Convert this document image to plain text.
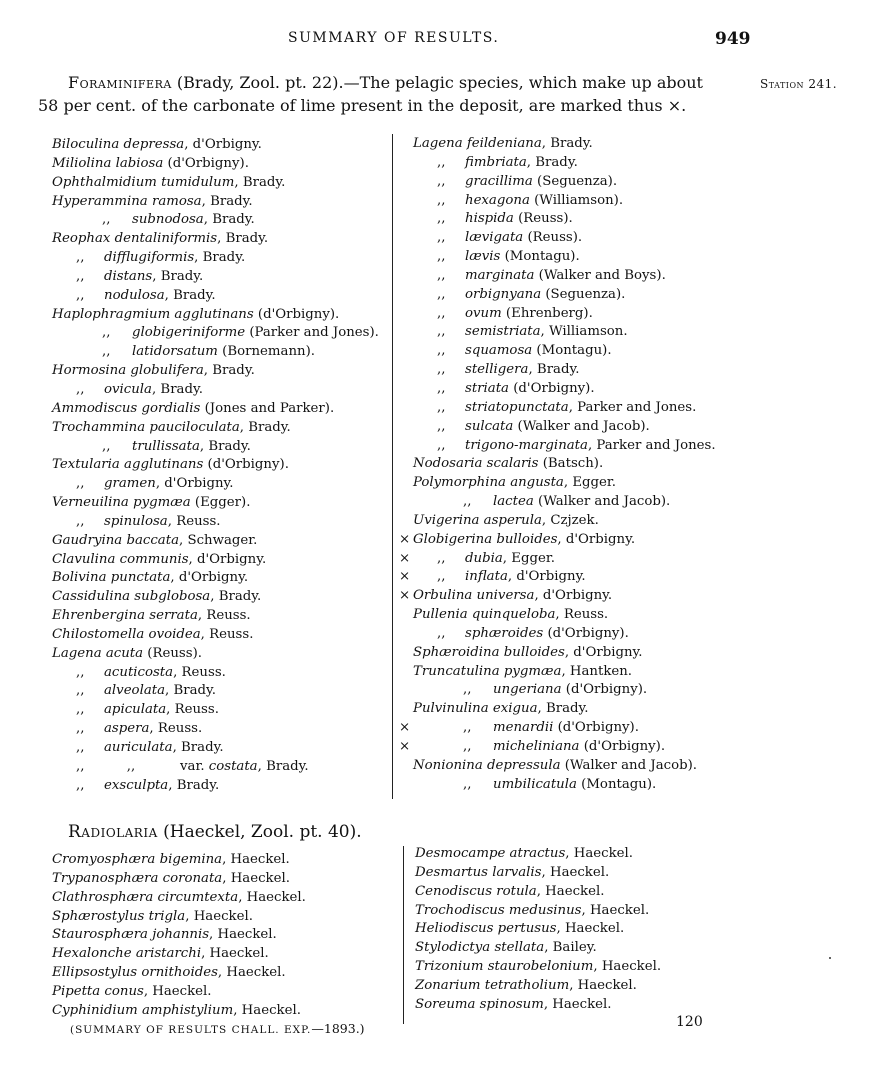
SUMMARY OF RESULTS.	949
Foraminifera (Brady, Zool. pt. 22).—The pelagic species, which make up about
58 per cent. of the carbonate of lime present in the deposit, are marked thus ×.
Station 241.
Biloculina depressa, d'Orbigny.
Miliolina labiosa (d'Orbigny).
Ophthalmidium tumidulum, Brady.
Hyperammina ramosa, Brady.
,, subnodosa, Brady.
Reophax dentaliniformis, Brady.
,, difflugiformis, Brady.
,, distans, Brady.
,, nodulosa, Brady.
Haplophragmium agglutinans (d'Orbigny).
,, globigeriniforme (Parker and Jones).
,, latidorsatum (Bornemann).
Hormosina globulifera, Brady.
,, ovicula, Brady.
Ammodiscus gordialis (Jones and Parker).
Trochammina pauciloculata, Brady.
,, trullissata, Brady.
Textularia agglutinans (d'Orbigny).
,, gramen, d'Orbigny.
Verneuilina pygmæa (Egger).
,, spinulosa, Reuss.
Gaudryina baccata, Schwager.
Clavulina communis, d'Orbigny.
Bolivina punctata, d'Orbigny.
Cassidulina subglobosa, Brady.
Ehrenbergina serrata, Reuss.
Chilostomella ovoidea, Reuss.
Lagena acuta (Reuss).
,, acuticosta, Reuss.
,, alveolata, Brady.
,, apiculata, Reuss.
,, aspera, Reuss.
,, auriculata, Brady.
,,          ,,	var. costata, Brady.
,, exsculpta, Brady.
Lagena feildeniana, Brady.
,, fimbriata, Brady.
,, gracillima (Seguenza).
,, hexagona (Williamson).
,, hispida (Reuss).
,, lævigata (Reuss).
,, lævis (Montagu).
,, marginata (Walker and Boys).
,, orbignyana (Seguenza).
,, ovum (Ehrenberg).
,, semistriata, Williamson.
,, squamosa (Montagu).
,, stelligera, Brady.
,, striata (d'Orbigny).
,, striatopunctata, Parker and Jones.
,, sulcata (Walker and Jacob).
,, trigono-marginata, Parker and Jones.
Nodosaria scalaris (Batsch).
Polymorphina angusta, Egger.
,, lactea (Walker and Jacob).
Uvigerina asperula, Czjzek.
× Globigerina bulloides, d'Orbigny.
× ,, dubia, Egger.
× ,, inflata, d'Orbigny.
× Orbulina universa, d'Orbigny.
Pullenia quinqueloba, Reuss.
,, sphæroides (d'Orbigny).
Sphæroidina bulloides, d'Orbigny.
Truncatulina pygmæa, Hantken.
,, ungeriana (d'Orbigny).
Pulvinulina exigua, Brady.
×	,, menardii (d'Orbigny).
×	,, micheliniana (d'Orbigny).
Nonionina depressula (Walker and Jacob).
,, umbilicatula (Montagu).
Radiolaria (Haeckel, Zool. pt. 40).
Cromyosphæra bigemina, Haeckel.
Trypanosphæra coronata, Haeckel.
Clathrosphæra circumtexta, Haeckel.
Sphærostylus trigla, Haeckel.
Staurosphæra johannis, Haeckel.
Hexalonche aristarchi, Haeckel.
Ellipsostylus ornithoides, Haeckel.
Pipetta conus, Haeckel.
Cyphinidium amphistylium, Haeckel.
Desmocampe atractus, Haeckel.
Desmartus larvalis, Haeckel.
Cenodiscus rotula, Haeckel.
Trochodiscus medusinus, Haeckel.
Heliodiscus pertusus, Haeckel.
Stylodictya stellata, Bailey.
Trizonium staurobelonium, Haeckel.
Zonarium tetratholium, Haeckel.
Soreuma spinosum, Haeckel.
(SUMMARY OF RESULTS CHALL. EXP.—1893.)	120
